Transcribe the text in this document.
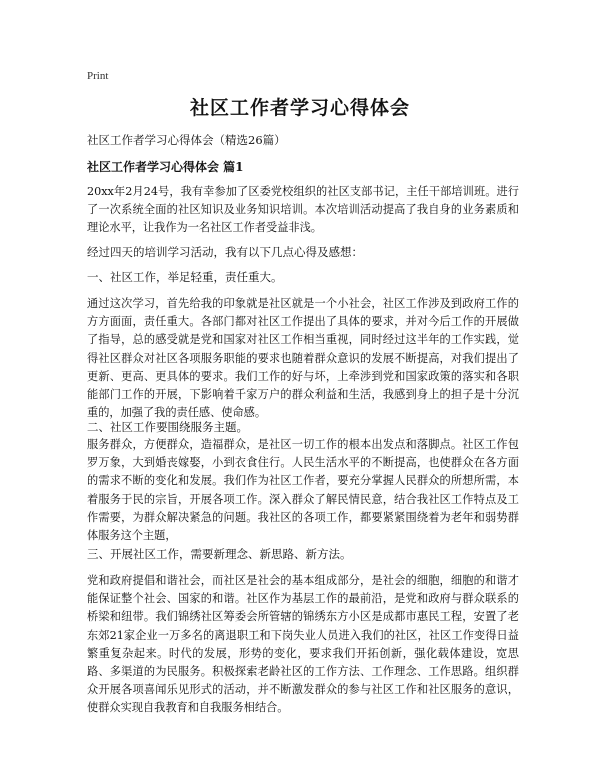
Print
社区工作者学习心得体会
社区工作者学习心得体会（精选26篇）
社区工作者学习心得体会 篇1

20xx年2月24号，我有幸参加了区委党校组织的社区支部书记，主任干部培训班。进行了一次系统全面的社区知识及业务知识培训。本次培训活动提高了我自身的业务素质和理论水平，让我作为一名社区工作者受益非浅。

经过四天的培训学习活动，我有以下几点心得及感想：
一、社区工作，举足轻重，责任重大。

通过这次学习，首先给我的印象就是社区就是一个小社会，社区工作涉及到政府工作的方方面面，责任重大。各部门都对社区工作提出了具体的要求，并对今后工作的开展做了指导，总的感受就是党和国家对社区工作相当重视，同时经过这半年的工作实践，觉得社区群众对社区各项服务职能的要求也随着群众意识的发展不断提高，对我们提出了更新、更高、更具体的要求。我们工作的好与坏，上牵涉到党和国家政策的落实和各职能部门工作的开展，下影响着千家万户的群众利益和生活，我感到身上的担子是十分沉重的，加强了我的责任感、使命感。

二、社区工作要围绕服务主题。

服务群众，方便群众，造福群众，是社区一切工作的根本出发点和落脚点。社区工作包罗万象，大到婚丧嫁娶，小到衣食住行。人民生活水平的不断提高，也使群众在各方面的需求不断的变化和发展。我们作为社区工作者，要充分掌握人民群众的所想所需，本着服务于民的宗旨，开展各项工作。深入群众了解民情民意，结合我社区工作特点及工作需要，为群众解决紧急的问题。我社区的各项工作，都要紧紧围绕着为老年和弱势群体服务这个主题，

三、开展社区工作，需要新理念、新思路、新方法。

党和政府提倡和谐社会，而社区是社会的基本组成部分，是社会的细胞，细胞的和谐才能保证整个社会、国家的和谐。社区作为基层工作的最前沿，是党和政府与群众联系的桥梁和纽带。我们锦绣社区筹委会所管辖的锦绣东方小区是成都市惠民工程，安置了老东郊21家企业一万多名的离退职工和下岗失业人员进入我们的社区，社区工作变得日益繁重复杂起来。时代的发展，形势的变化，要求我们开拓创新，强化载体建设，宽思路、多渠道的为民服务。积极探索老龄社区的工作方法、工作理念、工作思路。组织群众开展各项喜闻乐见形式的活动，并不断激发群众的参与社区工作和社区服务的意识，使群众实现自我教育和自我服务相结合。
